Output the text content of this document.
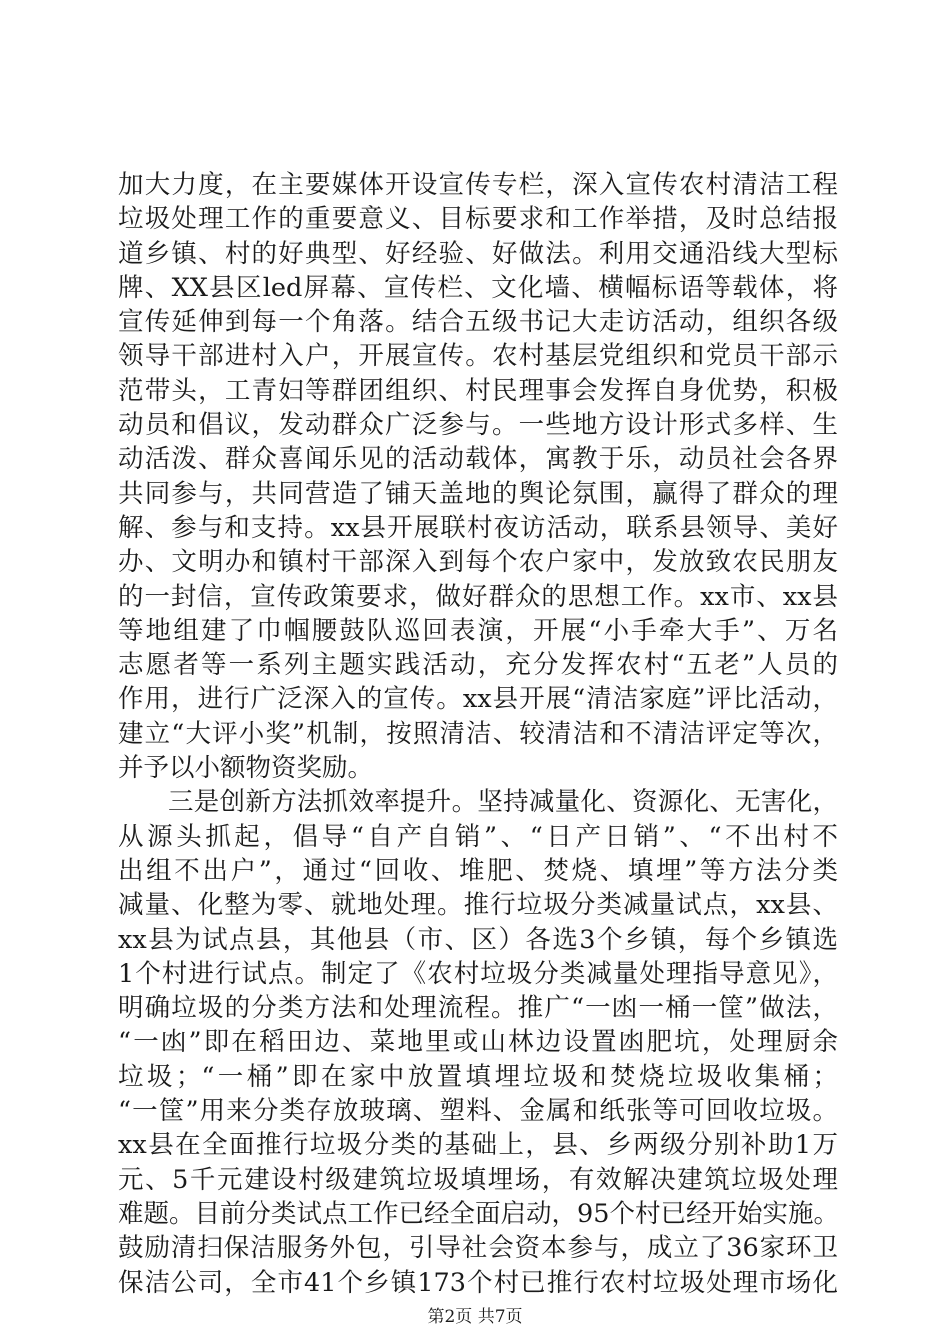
加大力度，在主要媒体开设宣传专栏，深入宣传农村清洁工程
垃圾处理工作的重要意义、目标要求和工作举措，及时总结报
道乡镇、村的好典型、好经验、好做法。利用交通沿线大型标
牌、XX县区led屏幕、宣传栏、文化墙、横幅标语等载体，将
宣传延伸到每一个角落。结合五级书记大走访活动，组织各级
领导干部进村入户，开展宣传。农村基层党组织和党员干部示
范带头，工青妇等群团组织、村民理事会发挥自身优势，积极
动员和倡议，发动群众广泛参与。一些地方设计形式多样、生
动活泼、群众喜闻乐见的活动载体，寓教于乐，动员社会各界
共同参与，共同营造了铺天盖地的舆论氛围，赢得了群众的理
解、参与和支持。xx县开展联村夜访活动，联系县领导、美好
办、文明办和镇村干部深入到每个农户家中，发放致农民朋友
的一封信，宣传政策要求，做好群众的思想工作。xx市、xx县
等地组建了巾帼腰鼓队巡回表演，开展“小手牵大手”、万名
志愿者等一系列主题实践活动，充分发挥农村“五老”人员的
作用，进行广泛深入的宣传。xx县开展“清洁家庭”评比活动，
建立“大评小奖”机制，按照清洁、较清洁和不清洁评定等次，
并予以小额物资奖励。
三是创新方法抓效率提升。坚持减量化、资源化、无害化，
从源头抓起，倡导“自产自销”、“日产日销”、“不出村不
出组不出户”，通过“回收、堆肥、焚烧、填埋”等方法分类
减量、化整为零、就地处理。推行垃圾分类减量试点，xx县、
xx县为试点县，其他县（市、区）各选3个乡镇，每个乡镇选
1个村进行试点。制定了《农村垃圾分类减量处理指导意见》，
明确垃圾的分类方法和处理流程。推广“一凼一桶一筐”做法，
“一凼”即在稻田边、菜地里或山林边设置凼肥坑，处理厨余
垃圾；“一桶”即在家中放置填埋垃圾和焚烧垃圾收集桶；
“一筐”用来分类存放玻璃、塑料、金属和纸张等可回收垃圾。
xx县在全面推行垃圾分类的基础上，县、乡两级分别补助1万
元、5千元建设村级建筑垃圾填埋场，有效解决建筑垃圾处理
难题。目前分类试点工作已经全面启动，95个村已经开始实施。
鼓励清扫保洁服务外包，引导社会资本参与，成立了36家环卫
保洁公司，全市41个乡镇173个村已推行农村垃圾处理市场化
第2页 共7页
